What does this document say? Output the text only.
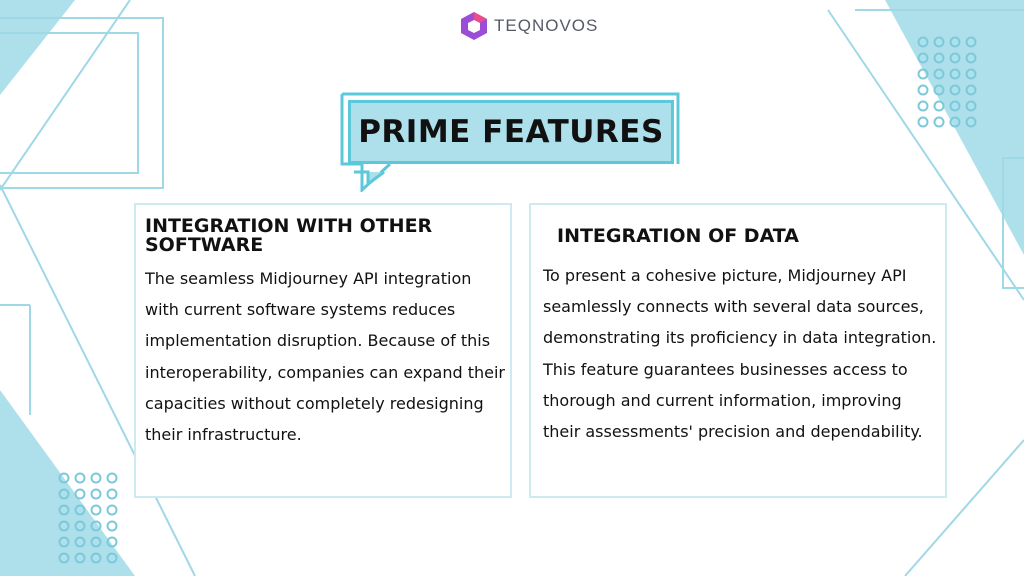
TEQNOVOS
PRIME FEATURES
INTEGRATION WITH OTHER SOFTWARE
The seamless Midjourney API integration with current software systems reduces implementation disruption. Because of this interoperability, companies can expand their capacities without completely redesigning their infrastructure.
INTEGRATION OF DATA
To present a cohesive picture, Midjourney API seamlessly connects with several data sources, demonstrating its proficiency in data integration. This feature guarantees businesses access to thorough and current information, improving their assessments' precision and dependability.
